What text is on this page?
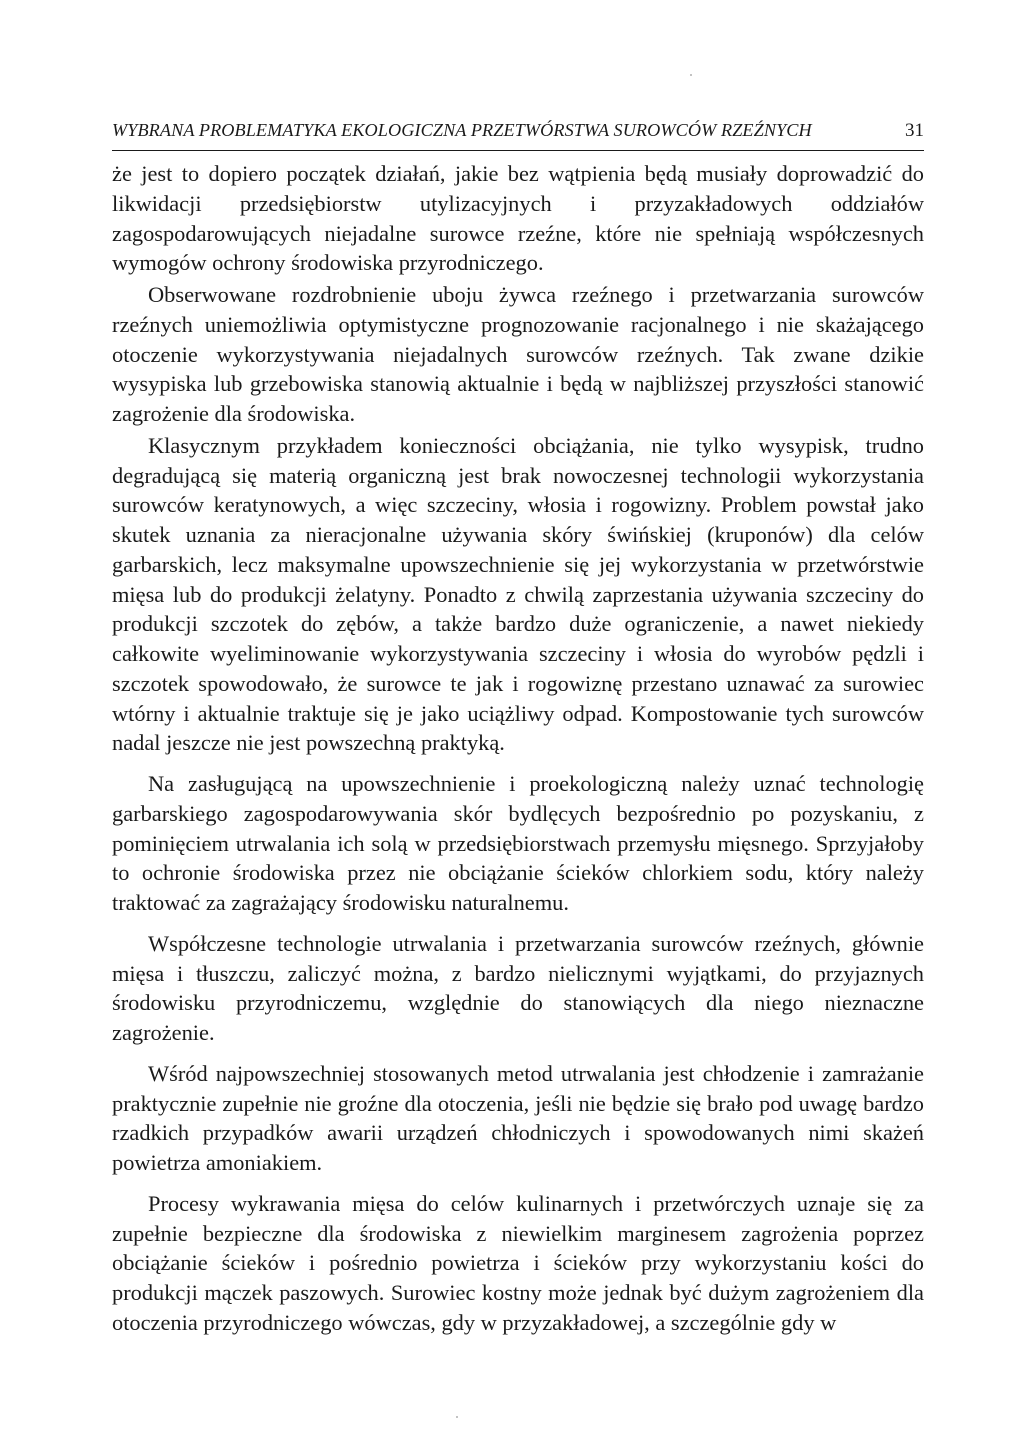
WYBRANA PROBLEMATYKA EKOLOGICZNA PRZETWÓRSTWA SUROWCÓW RZEŹNYCH	31

że jest to dopiero początek działań, jakie bez wątpienia będą musiały doprowadzić do likwidacji przedsiębiorstw utylizacyjnych i przyzakładowych oddziałów zagospodarowujących niejadalne surowce rzeźne, które nie spełniają współczesnych wymogów ochrony środowiska przyrodniczego.

Obserwowane rozdrobnienie uboju żywca rzeźnego i przetwarzania surowców rzeźnych uniemożliwia optymistyczne prognozowanie racjonalnego i nie skażającego otoczenie wykorzystywania niejadalnych surowców rzeźnych. Tak zwane dzikie wysypiska lub grzebowiska stanowią aktualnie i będą w najbliższej przyszłości stanowić zagrożenie dla środowiska.

Klasycznym przykładem konieczności obciążania, nie tylko wysypisk, trudno degradującą się materią organiczną jest brak nowoczesnej technologii wykorzystania surowców keratynowych, a więc szczeciny, włosia i rogowizny. Problem powstał jako skutek uznania za nieracjonalne używania skóry świńskiej (kruponów) dla celów garbarskich, lecz maksymalne upowszechnienie się jej wykorzystania w przetwórstwie mięsa lub do produkcji żelatyny. Ponadto z chwilą zaprzestania używania szczeciny do produkcji szczotek do zębów, a także bardzo duże ograniczenie, a nawet niekiedy całkowite wyeliminowanie wykorzystywania szczeciny i włosia do wyrobów pędzli i szczotek spowodowało, że surowce te jak i rogowiznę przestano uznawać za surowiec wtórny i aktualnie traktuje się je jako uciążliwy odpad. Kompostowanie tych surowców nadal jeszcze nie jest powszechną praktyką.

Na zasługującą na upowszechnienie i proekologiczną należy uznać technologię garbarskiego zagospodarowywania skór bydlęcych bezpośrednio po pozyskaniu, z pominięciem utrwalania ich solą w przedsiębiorstwach przemysłu mięsnego. Sprzyjałoby to ochronie środowiska przez nie obciążanie ścieków chlorkiem sodu, który należy traktować za zagrażający środowisku naturalnemu.

Współczesne technologie utrwalania i przetwarzania surowców rzeźnych, głównie mięsa i tłuszczu, zaliczyć można, z bardzo nielicznymi wyjątkami, do przyjaznych środowisku przyrodniczemu, względnie do stanowiących dla niego nieznaczne zagrożenie.

Wśród najpowszechniej stosowanych metod utrwalania jest chłodzenie i zamrażanie praktycznie zupełnie nie groźne dla otoczenia, jeśli nie będzie się brało pod uwagę bardzo rzadkich przypadków awarii urządzeń chłodniczych i spowodowanych nimi skażeń powietrza amoniakiem.

Procesy wykrawania mięsa do celów kulinarnych i przetwórczych uznaje się za zupełnie bezpieczne dla środowiska z niewielkim marginesem zagrożenia poprzez obciążanie ścieków i pośrednio powietrza i ścieków przy wykorzystaniu kości do produkcji mączek paszowych. Surowiec kostny może jednak być dużym zagrożeniem dla otoczenia przyrodniczego wówczas, gdy w przyzakładowej, a szczególnie gdy w
